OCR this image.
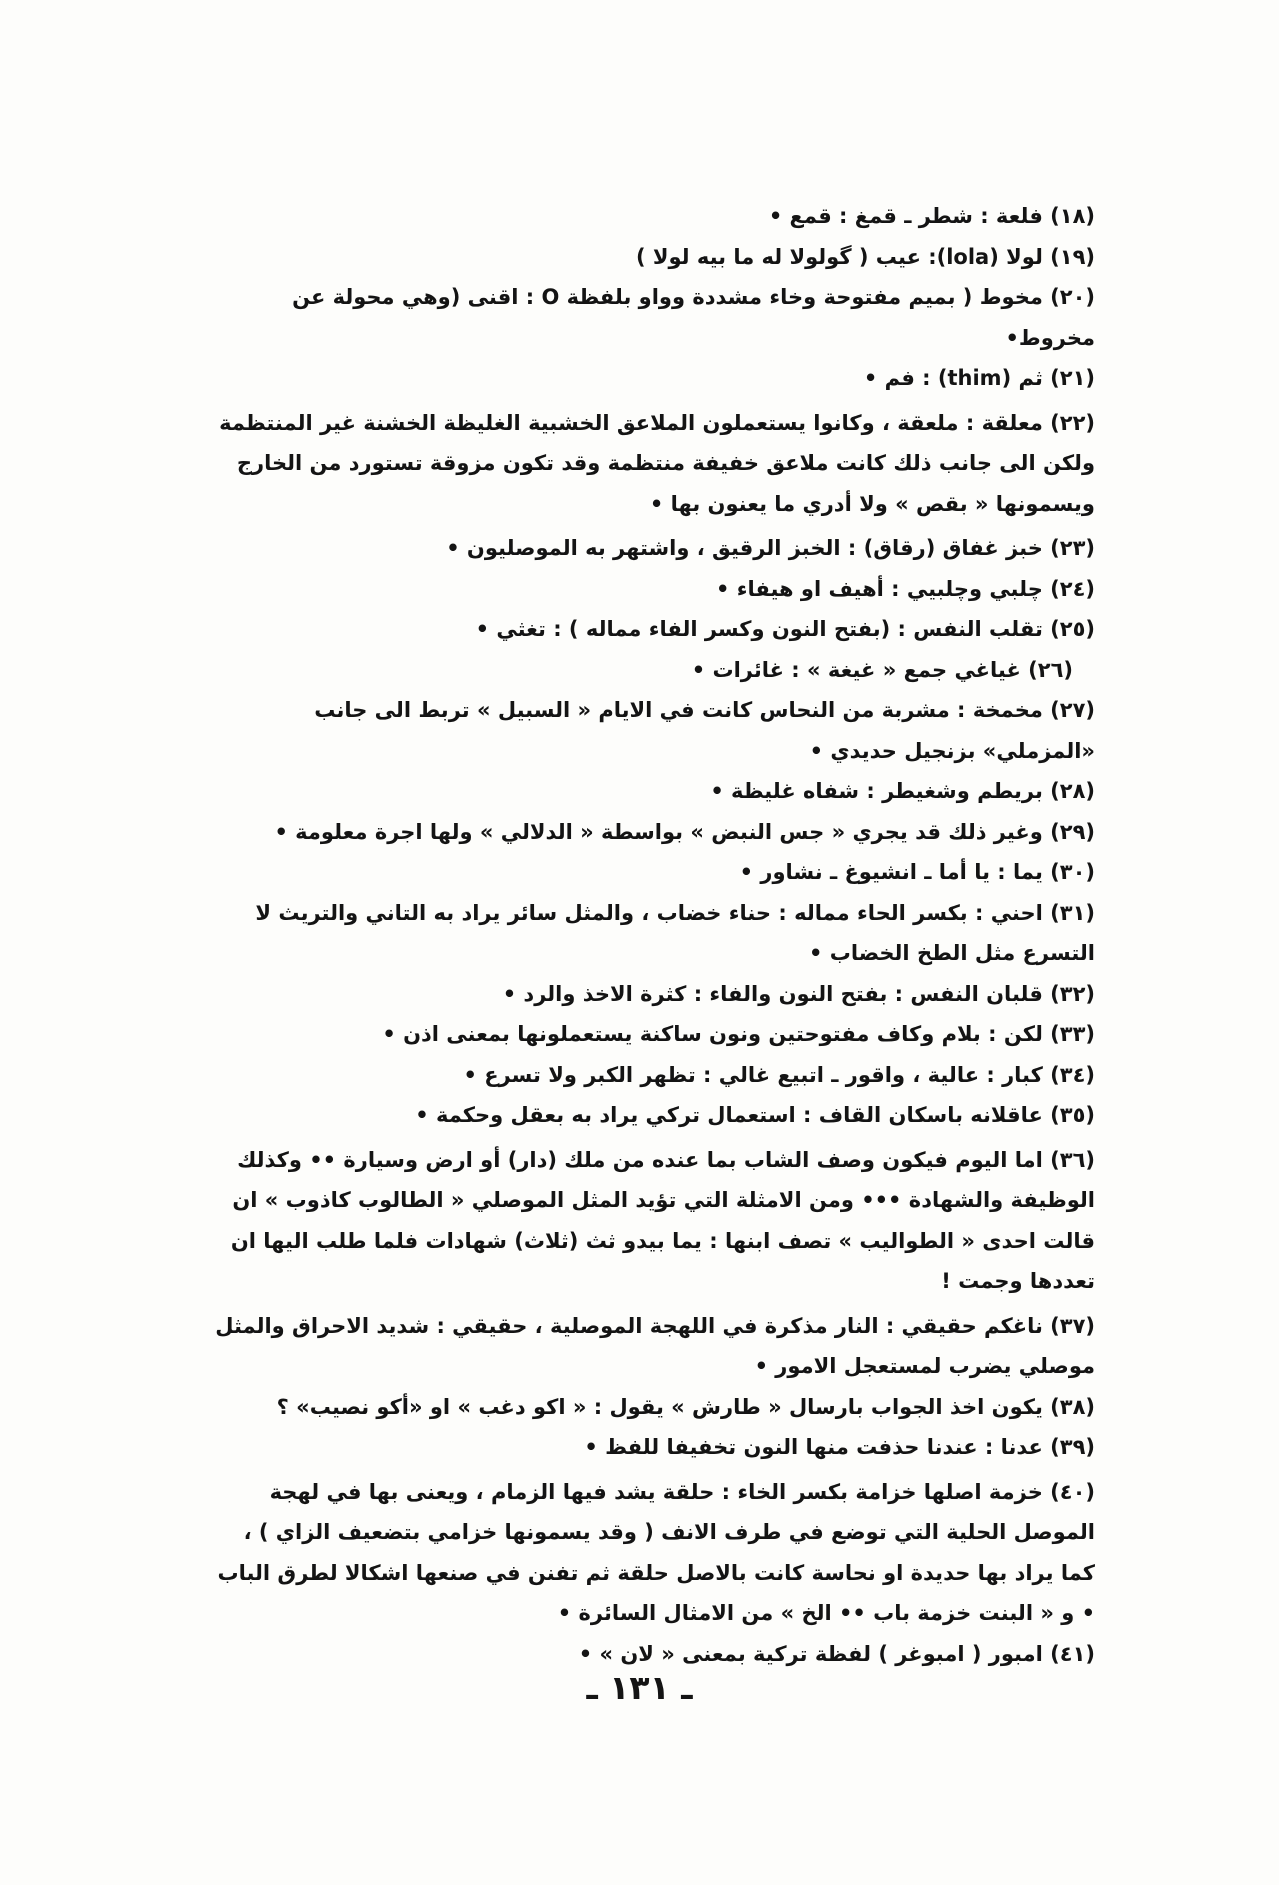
(١٨) فلعة : شطر ـ قمغ : قمع •

(١٩) لولا (lola): عيب ( گولولا له ما بيه لولا )

(٢٠) مخوط ( بميم مفتوحة وخاء مشددة وواو بلفظة O : اقنى (وهي محولة عن مخروط•

(٢١) ثم (thim) : فم •

(٢٢) معلقة : ملعقة ، وكانوا يستعملون الملاعق الخشبية الغليظة الخشنة غير المنتظمة ولكن الى جانب ذلك كانت ملاعق خفيفة منتظمة وقد تكون مزوقة تستورد من الخارج ويسمونها « بقص » ولا أدري ما يعنون بها •

(٢٣) خبز غفاق (رقاق) : الخبز الرقيق ، واشتهر به الموصليون •

(٢٤) چلبي وچلبيي : أهيف او هيفاء •

(٢٥) تقلب النفس : (بفتح النون وكسر الفاء مماله ) : تغثي •

(٢٦) غياغي جمع « غيغة » : غائرات •

(٢٧) مخمخة : مشربة من النحاس كانت في الايام « السبيل » تربط الى جانب «المزملي» بزنجيل حديدي •

(٢٨) بريطم وشغيطر : شفاه غليظة •

(٢٩) وغير ذلك قد يجري « جس النبض » بواسطة « الدلالي » ولها اجرة معلومة •

(٣٠) يما : يا أما ـ انشيوغ ـ نشاور •

(٣١) احني : بكسر الحاء مماله : حناء خضاب ، والمثل سائر يراد به التاني والتريث لا التسرع مثل الطخ الخضاب •

(٣٢) قلبان النفس : بفتح النون والفاء : كثرة الاخذ والرد •

(٣٣) لكن : بلام وكاف مفتوحتين ونون ساكنة يستعملونها بمعنى اذن •

(٣٤) كبار : عالية ، واقور ـ اتبيع غالي : تظهر الكبر ولا تسرع •

(٣٥) عاقلانه باسكان القاف : استعمال تركي يراد به بعقل وحكمة •

(٣٦) اما اليوم فيكون وصف الشاب بما عنده من ملك (دار) أو ارض وسيارة •• وكذلك الوظيفة والشهادة ••• ومن الامثلة التي تؤيد المثل الموصلي « الطالوب كاذوب » ان قالت احدى « الطواليب » تصف ابنها : يما بيدو ثث (ثلاث) شهادات فلما طلب اليها ان تعددها وجمت !

(٣٧) ناغكم حقيقي : النار مذكرة في اللهجة الموصلية ، حقيقي : شديد الاحراق والمثل موصلي يضرب لمستعجل الامور •

(٣٨) يكون اخذ الجواب بارسال « طارش » يقول : « اكو دغب » او «أكو نصيب» ؟

(٣٩) عدنا : عندنا حذفت منها النون تخفيفا للفظ •

(٤٠) خزمة اصلها خزامة بكسر الخاء : حلقة يشد فيها الزمام ، ويعنى بها في لهجة الموصل الحلية التي توضع في طرف الانف ( وقد يسمونها خزامي بتضعيف الزاي ) ، كما يراد بها حديدة او نحاسة كانت بالاصل حلقة ثم تفنن في صنعها اشكالا لطرق الباب • و « البنت خزمة باب •• الخ » من الامثال السائرة •

(٤١) امبور ( امبوغر ) لفظة تركية بمعنى « لان » •

ـ ١٣١ ـ
